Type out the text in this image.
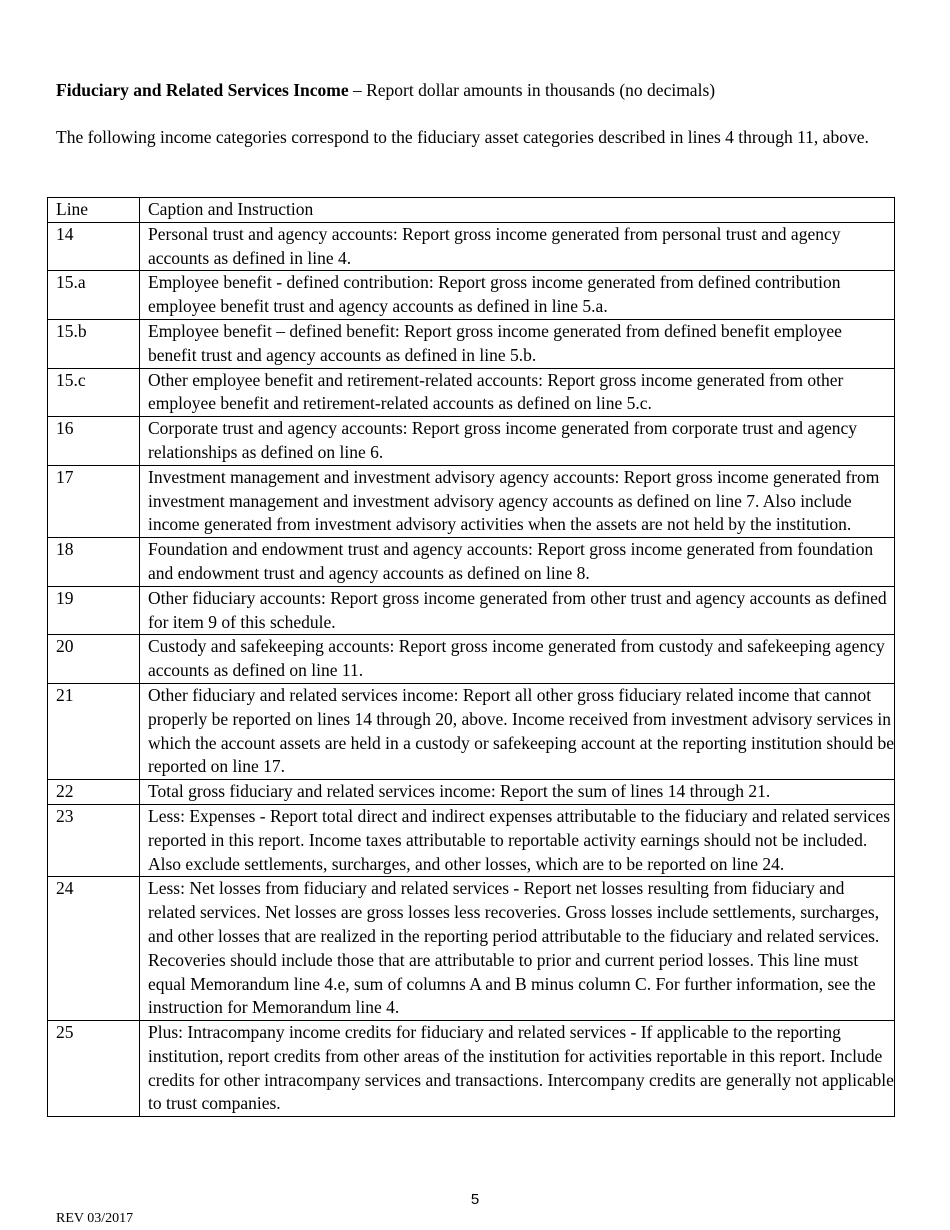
Fiduciary and Related Services Income – Report dollar amounts in thousands (no decimals)

The following income categories correspond to the fiduciary asset categories described in lines 4 through 11, above.

Line	Caption and Instruction
14	Personal trust and agency accounts: Report gross income generated from personal trust and agency accounts as defined in line 4.
15.a	Employee benefit - defined contribution: Report gross income generated from defined contribution employee benefit trust and agency accounts as defined in line 5.a.
15.b	Employee benefit – defined benefit: Report gross income generated from defined benefit employee benefit trust and agency accounts as defined in line 5.b.
15.c	Other employee benefit and retirement-related accounts: Report gross income generated from other employee benefit and retirement-related accounts as defined on line 5.c.
16	Corporate trust and agency accounts: Report gross income generated from corporate trust and agency relationships as defined on line 6.
17	Investment management and investment advisory agency accounts: Report gross income generated from investment management and investment advisory agency accounts as defined on line 7. Also include income generated from investment advisory activities when the assets are not held by the institution.
18	Foundation and endowment trust and agency accounts: Report gross income generated from foundation and endowment trust and agency accounts as defined on line 8.
19	Other fiduciary accounts: Report gross income generated from other trust and agency accounts as defined for item 9 of this schedule.
20	Custody and safekeeping accounts: Report gross income generated from custody and safekeeping agency accounts as defined on line 11.
21	Other fiduciary and related services income: Report all other gross fiduciary related income that cannot properly be reported on lines 14 through 20, above. Income received from investment advisory services in which the account assets are held in a custody or safekeeping account at the reporting institution should be reported on line 17.
22	Total gross fiduciary and related services income: Report the sum of lines 14 through 21.
23	Less: Expenses - Report total direct and indirect expenses attributable to the fiduciary and related services reported in this report. Income taxes attributable to reportable activity earnings should not be included. Also exclude settlements, surcharges, and other losses, which are to be reported on line 24.
24	Less: Net losses from fiduciary and related services - Report net losses resulting from fiduciary and related services. Net losses are gross losses less recoveries. Gross losses include settlements, surcharges, and other losses that are realized in the reporting period attributable to the fiduciary and related services. Recoveries should include those that are attributable to prior and current period losses. This line must equal Memorandum line 4.e, sum of columns A and B minus column C. For further information, see the instruction for Memorandum line 4.
25	Plus: Intracompany income credits for fiduciary and related services - If applicable to the reporting institution, report credits from other areas of the institution for activities reportable in this report. Include credits for other intracompany services and transactions. Intercompany credits are generally not applicable to trust companies.
5
REV 03/2017
